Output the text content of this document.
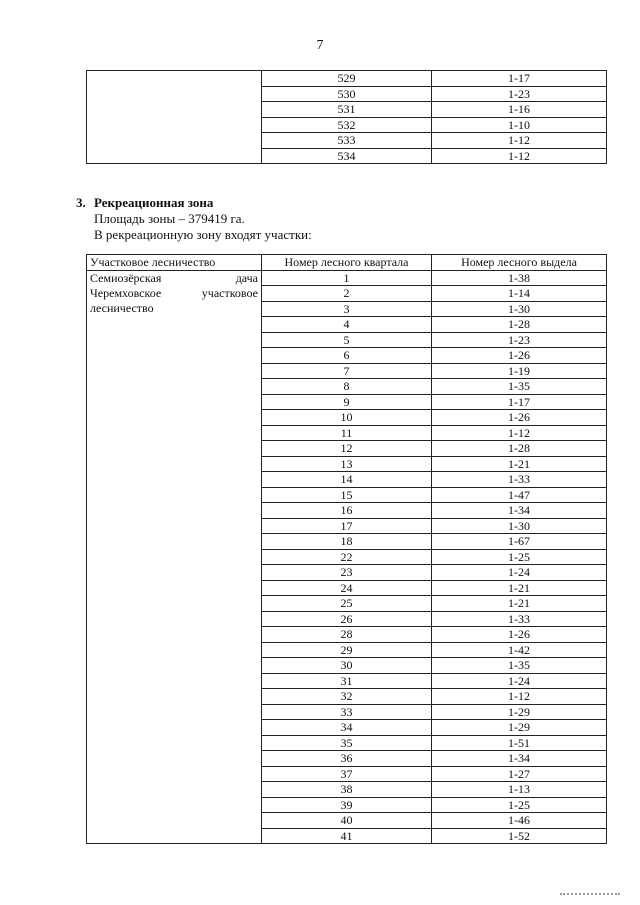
7
	529	1-17
	530	1-23
	531	1-16
	532	1-10
	533	1-12
	534	1-12
3. Рекреационная зона
Площадь зоны – 379419 га.
В рекреационную зону входят участки:
Участковое лесничество	Номер лесного квартала	Номер лесного выдела

Семиозёрская дача
Черемховское участковое
лесничество	1	1-38
	2	1-14
	3	1-30
	4	1-28
	5	1-23
	6	1-26
	7	1-19
	8	1-35
	9	1-17
	10	1-26
	11	1-12
	12	1-28
	13	1-21
	14	1-33
	15	1-47
	16	1-34
	17	1-30
	18	1-67
	22	1-25
	23	1-24
	24	1-21
	25	1-21
	26	1-33
	28	1-26
	29	1-42
	30	1-35
	31	1-24
	32	1-12
	33	1-29
	34	1-29
	35	1-51
	36	1-34
	37	1-27
	38	1-13
	39	1-25
	40	1-46
	41	1-52
